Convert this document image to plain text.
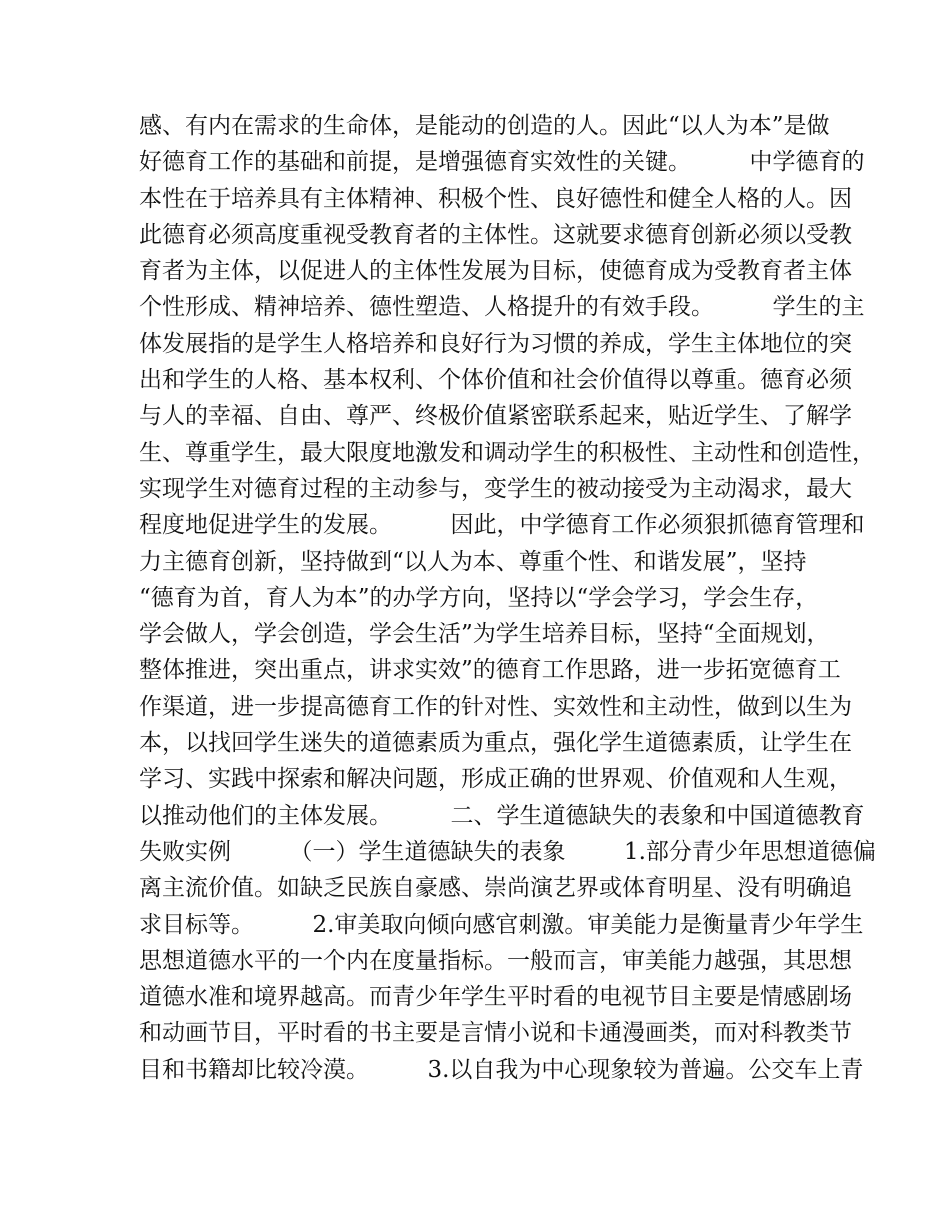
感、有内在需求的生命体，是能动的创造的人。因此“以人为本”是做
好德育工作的基础和前提，是增强德育实效性的关键。        中学德育的
本性在于培养具有主体精神、积极个性、良好德性和健全人格的人。因
此德育必须高度重视受教育者的主体性。这就要求德育创新必须以受教
育者为主体，以促进人的主体性发展为目标，使德育成为受教育者主体
个性形成、精神培养、德性塑造、人格提升的有效手段。        学生的主
体发展指的是学生人格培养和良好行为习惯的养成，学生主体地位的突
出和学生的人格、基本权利、个体价值和社会价值得以尊重。德育必须
与人的幸福、自由、尊严、终极价值紧密联系起来，贴近学生、了解学
生、尊重学生，最大限度地激发和调动学生的积极性、主动性和创造性，
实现学生对德育过程的主动参与，变学生的被动接受为主动渴求，最大
程度地促进学生的发展。        因此，中学德育工作必须狠抓德育管理和
力主德育创新，坚持做到“以人为本、尊重个性、和谐发展”，坚持
“德育为首，育人为本”的办学方向，坚持以“学会学习，学会生存，
学会做人，学会创造，学会生活”为学生培养目标，坚持“全面规划，
整体推进，突出重点，讲求实效”的德育工作思路，进一步拓宽德育工
作渠道，进一步提高德育工作的针对性、实效性和主动性，做到以生为
本，以找回学生迷失的道德素质为重点，强化学生道德素质，让学生在
学习、实践中探索和解决问题，形成正确的世界观、价值观和人生观，
以推动他们的主体发展。        二、学生道德缺失的表象和中国道德教育
失败实例        （一）学生道德缺失的表象        1.部分青少年思想道德偏
离主流价值。如缺乏民族自豪感、崇尚演艺界或体育明星、没有明确追
求目标等。        2.审美取向倾向感官刺激。审美能力是衡量青少年学生
思想道德水平的一个内在度量指标。一般而言，审美能力越强，其思想
道德水准和境界越高。而青少年学生平时看的电视节目主要是情感剧场
和动画节目，平时看的书主要是言情小说和卡通漫画类，而对科教类节
目和书籍却比较冷漠。        3.以自我为中心现象较为普遍。公交车上青
